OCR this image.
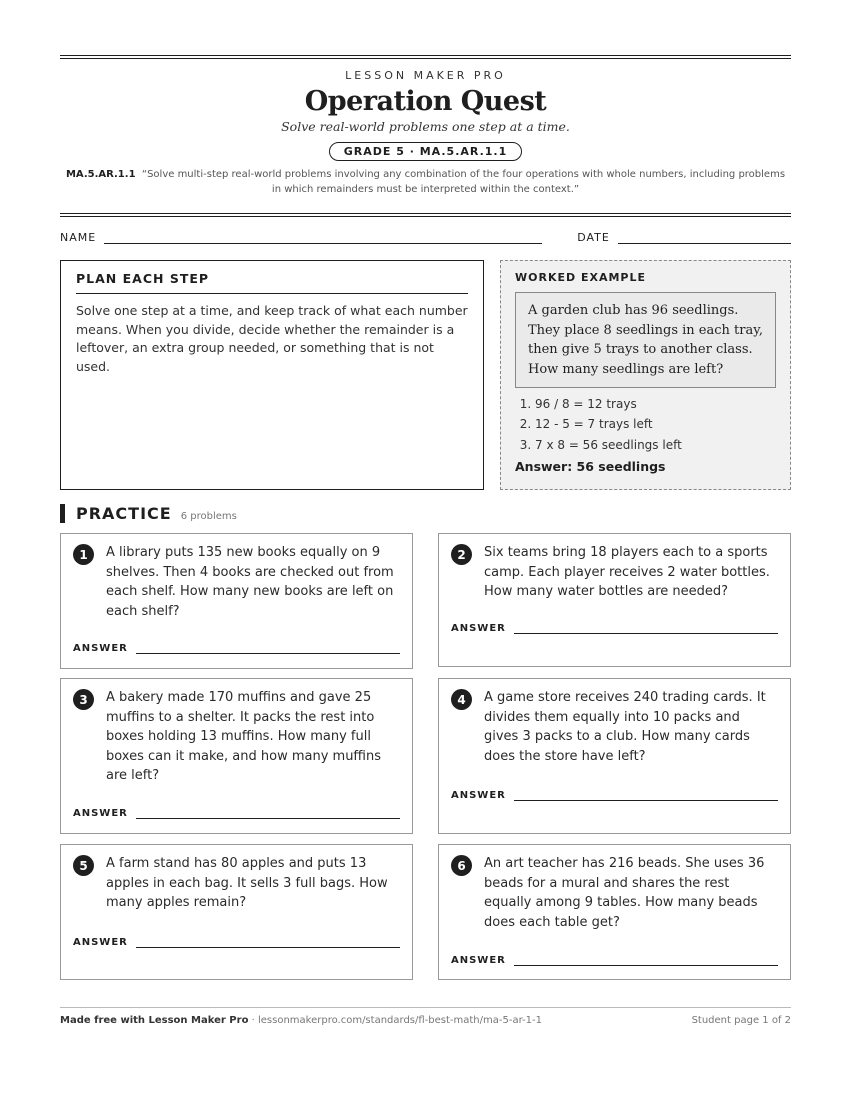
LESSON MAKER PRO
Operation Quest
Solve real-world problems one step at a time.
GRADE 5 · MA.5.AR.1.1
MA.5.AR.1.1 “Solve multi-step real-world problems involving any combination of the four operations with whole numbers, including problems in which remainders must be interpreted within the context.”
NAME	DATE
PLAN EACH STEP

Solve one step at a time, and keep track of what each number means. When you divide, decide whether the remainder is a leftover, an extra group needed, or something that is not used.

WORKED EXAMPLE
A garden club has 96 seedlings. They place 8 seedlings in each tray, then give 5 trays to another class. How many seedlings are left?
1. 96 / 8 = 12 trays
2. 12 - 5 = 7 trays left
3. 7 x 8 = 56 seedlings left
Answer: 56 seedlings
PRACTICE 6 problems
1	A library puts 135 new books equally on 9 shelves. Then 4 books are checked out from each shelf. How many new books are left on each shelf?
ANSWER
2	Six teams bring 18 players each to a sports camp. Each player receives 2 water bottles. How many water bottles are needed?
ANSWER
3	A bakery made 170 muffins and gave 25 muffins to a shelter. It packs the rest into boxes holding 13 muffins. How many full boxes can it make, and how many muffins are left?
ANSWER
4	A game store receives 240 trading cards. It divides them equally into 10 packs and gives 3 packs to a club. How many cards does the store have left?
ANSWER
5	A farm stand has 80 apples and puts 13 apples in each bag. It sells 3 full bags. How many apples remain?
ANSWER
6	An art teacher has 216 beads. She uses 36 beads for a mural and shares the rest equally among 9 tables. How many beads does each table get?
ANSWER
Made free with Lesson Maker Pro · lessonmakerpro.com/standards/fl-best-math/ma-5-ar-1-1	Student page 1 of 2
